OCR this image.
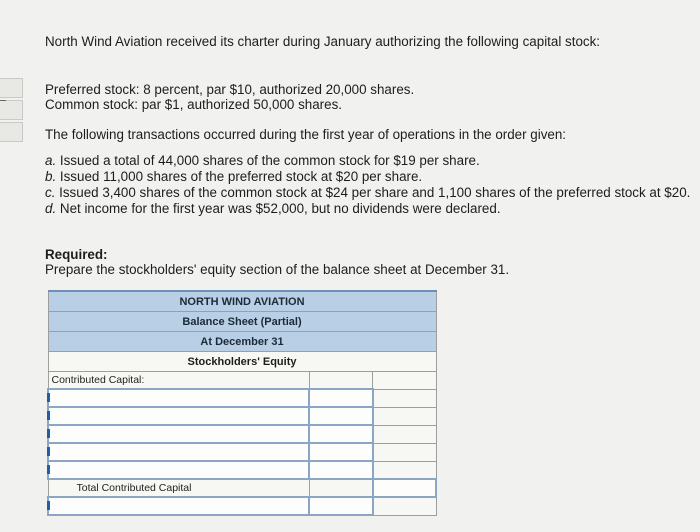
North Wind Aviation received its charter during January authorizing the following capital stock:

Preferred stock: 8 percent, par $10, authorized 20,000 shares.
Common stock: par $1, authorized 50,000 shares.
The following transactions occurred during the first year of operations in the order given:
a. Issued a total of 44,000 shares of the common stock for $19 per share.
b. Issued 11,000 shares of the preferred stock at $20 per share.
c. Issued 3,400 shares of the common stock at $24 per share and 1,100 shares of the preferred stock at $20.
d. Net income for the first year was $52,000, but no dividends were declared.
Required:
Prepare the stockholders' equity section of the balance sheet at December 31.
NORTH WIND AVIATION		
Balance Sheet (Partial)		
At December 31		
Stockholders' Equity		
Contributed Capital:		

Total Contributed Capital		
